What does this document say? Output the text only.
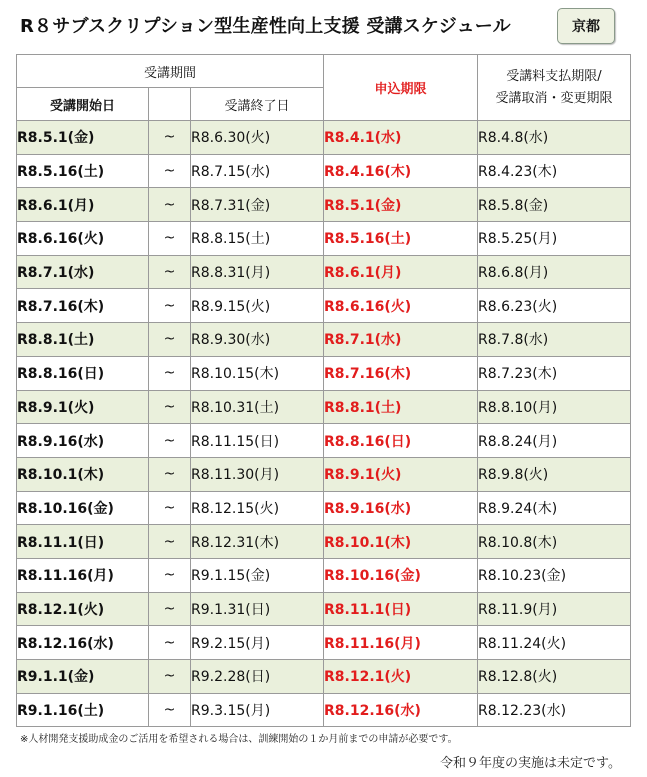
R８サブスクリプション型生産性向上支援 受講スケジュール	京都
受講期間			申込期限	受講料支払期限/
受講取消・変更期限

受講開始日		受講終了日		
R8.5.1(金)	~	R8.6.30(火)	R8.4.1(水)	R8.4.8(水)
R8.5.16(土)	~	R8.7.15(水)	R8.4.16(木)	R8.4.23(木)
R8.6.1(月)	~	R8.7.31(金)	R8.5.1(金)	R8.5.8(金)
R8.6.16(火)	~	R8.8.15(土)	R8.5.16(土)	R8.5.25(月)
R8.7.1(水)	~	R8.8.31(月)	R8.6.1(月)	R8.6.8(月)
R8.7.16(木)	~	R8.9.15(火)	R8.6.16(火)	R8.6.23(火)
R8.8.1(土)	~	R8.9.30(水)	R8.7.1(水)	R8.7.8(水)
R8.8.16(日)	~	R8.10.15(木)	R8.7.16(木)	R8.7.23(木)
R8.9.1(火)	~	R8.10.31(土)	R8.8.1(土)	R8.8.10(月)
R8.9.16(水)	~	R8.11.15(日)	R8.8.16(日)	R8.8.24(月)
R8.10.1(木)	~	R8.11.30(月)	R8.9.1(火)	R8.9.8(火)
R8.10.16(金)	~	R8.12.15(火)	R8.9.16(水)	R8.9.24(木)
R8.11.1(日)	~	R8.12.31(木)	R8.10.1(木)	R8.10.8(木)
R8.11.16(月)	~	R9.1.15(金)	R8.10.16(金)	R8.10.23(金)
R8.12.1(火)	~	R9.1.31(日)	R8.11.1(日)	R8.11.9(月)
R8.12.16(水)	~	R9.2.15(月)	R8.11.16(月)	R8.11.24(火)
R9.1.1(金)	~	R9.2.28(日)	R8.12.1(火)	R8.12.8(火)
R9.1.16(土)	~	R9.3.15(月)	R8.12.16(水)	R8.12.23(水)
※人材開発支援助成金のご活用を希望される場合は、訓練開始の１か月前までの申請が必要です。
令和９年度の実施は未定です。
